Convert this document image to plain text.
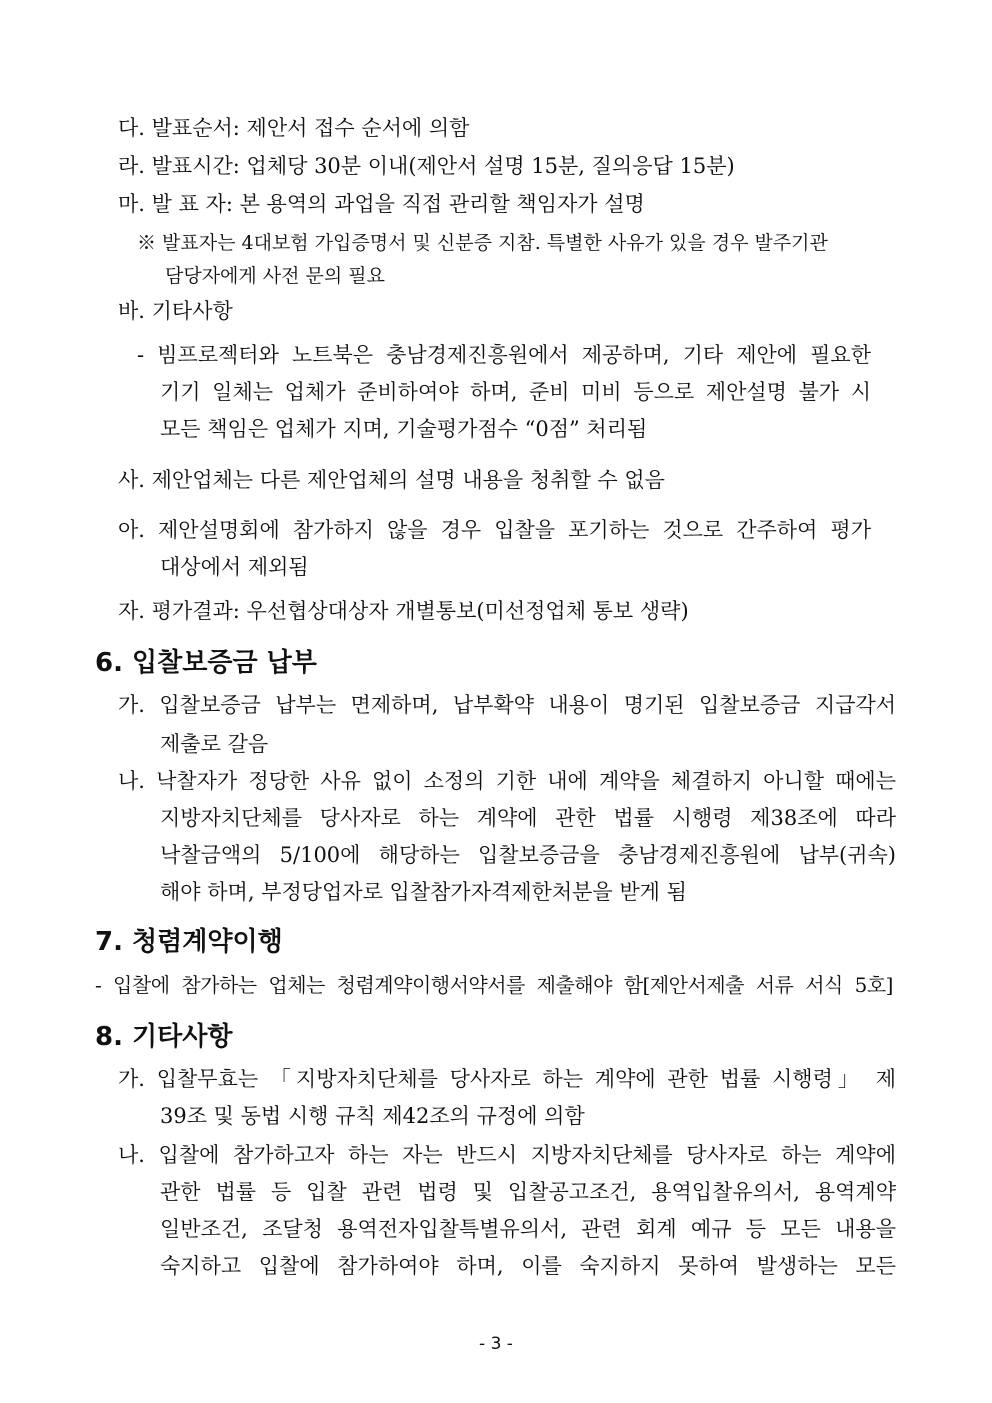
다. 발표순서: 제안서 접수 순서에 의함
라. 발표시간: 업체당 30분 이내(제안서 설명 15분, 질의응답 15분)
마. 발 표 자: 본 용역의 과업을 직접 관리할 책임자가 설명
※ 발표자는 4대보험 가입증명서 및 신분증 지참. 특별한 사유가 있을 경우 발주기관
담당자에게 사전 문의 필요
바. 기타사항
- 빔프로젝터와 노트북은 충남경제진흥원에서 제공하며, 기타 제안에 필요한
기기 일체는 업체가 준비하여야 하며, 준비 미비 등으로 제안설명 불가 시
모든 책임은 업체가 지며, 기술평가점수 “0점” 처리됨
사. 제안업체는 다른 제안업체의 설명 내용을 청취할 수 없음
아. 제안설명회에 참가하지 않을 경우 입찰을 포기하는 것으로 간주하여 평가
대상에서 제외됨
자. 평가결과: 우선협상대상자 개별통보(미선정업체 통보 생략)
6. 입찰보증금 납부
가. 입찰보증금 납부는 면제하며, 납부확약 내용이 명기된 입찰보증금 지급각서
제출로 갈음
나. 낙찰자가 정당한 사유 없이 소정의 기한 내에 계약을 체결하지 아니할 때에는
지방자치단체를 당사자로 하는 계약에 관한 법률 시행령 제38조에 따라
낙찰금액의 5/100에 해당하는 입찰보증금을 충남경제진흥원에 납부(귀속)
해야 하며, 부정당업자로 입찰참가자격제한처분을 받게 됨
7. 청렴계약이행
- 입찰에 참가하는 업체는 청렴계약이행서약서를 제출해야 함[제안서제출 서류 서식 5호]
8. 기타사항
가. 입찰무효는 「지방자치단체를 당사자로 하는 계약에 관한 법률 시행령」 제
39조 및 동법 시행 규칙 제42조의 규정에 의함
나. 입찰에 참가하고자 하는 자는 반드시 지방자치단체를 당사자로 하는 계약에
관한 법률 등 입찰 관련 법령 및 입찰공고조건, 용역입찰유의서, 용역계약
일반조건, 조달청 용역전자입찰특별유의서, 관련 회계 예규 등 모든 내용을
숙지하고 입찰에 참가하여야 하며, 이를 숙지하지 못하여 발생하는 모든
- 3 -
